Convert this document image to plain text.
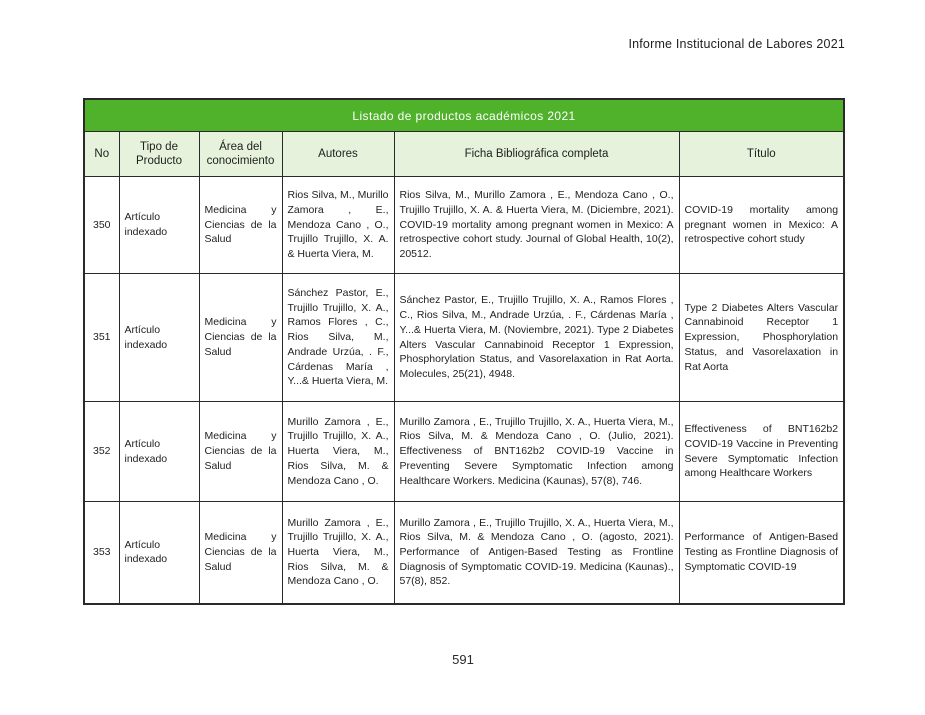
Informe Institucional de Labores 2021
Listado de productos académicos 2021					
No	Tipo de Producto	Área del conocimiento	Autores	Ficha Bibliográfica completa	Título
350	Artículo indexado	Medicina y Ciencias de la Salud	Rios Silva, M., Murillo Zamora , E., Mendoza Cano , O., Trujillo Trujillo, X. A. & Huerta Viera, M.	Rios Silva, M., Murillo Zamora , E., Mendoza Cano , O., Trujillo Trujillo, X. A. & Huerta Viera, M. (Diciembre, 2021). COVID-19 mortality among pregnant women in Mexico: A retrospective cohort study. Journal of Global Health, 10(2), 20512.	COVID-19 mortality among pregnant women in Mexico: A retrospective cohort study
351	Artículo indexado	Medicina y Ciencias de la Salud	Sánchez Pastor, E., Trujillo Trujillo, X. A., Ramos Flores , C., Rios Silva, M., Andrade Urzúa, . F., Cárdenas María , Y...& Huerta Viera, M.	Sánchez Pastor, E., Trujillo Trujillo, X. A., Ramos Flores , C., Rios Silva, M., Andrade Urzúa, . F., Cárdenas María , Y...& Huerta Viera, M. (Noviembre, 2021). Type 2 Diabetes Alters Vascular Cannabinoid Receptor 1 Expression, Phosphorylation Status, and Vasorelaxation in Rat Aorta. Molecules, 25(21), 4948.	Type 2 Diabetes Alters Vascular Cannabinoid Receptor 1 Expression, Phosphorylation Status, and Vasorelaxation in Rat Aorta
352	Artículo indexado	Medicina y Ciencias de la Salud	Murillo Zamora , E., Trujillo Trujillo, X. A., Huerta Viera, M., Rios Silva, M. & Mendoza Cano , O.	Murillo Zamora , E., Trujillo Trujillo, X. A., Huerta Viera, M., Rios Silva, M. & Mendoza Cano , O. (Julio, 2021). Effectiveness of BNT162b2 COVID-19 Vaccine in Preventing Severe Symptomatic Infection among Healthcare Workers. Medicina (Kaunas), 57(8), 746.	Effectiveness of BNT162b2 COVID-19 Vaccine in Preventing Severe Symptomatic Infection among Healthcare Workers
353	Artículo indexado	Medicina y Ciencias de la Salud	Murillo Zamora , E., Trujillo Trujillo, X. A., Huerta Viera, M., Rios Silva, M. & Mendoza Cano , O.	Murillo Zamora , E., Trujillo Trujillo, X. A., Huerta Viera, M., Rios Silva, M. & Mendoza Cano , O. (agosto, 2021). Performance of Antigen-Based Testing as Frontline Diagnosis of Symptomatic COVID-19. Medicina (Kaunas)., 57(8), 852.	Performance of Antigen-Based Testing as Frontline Diagnosis of Symptomatic COVID-19
591
